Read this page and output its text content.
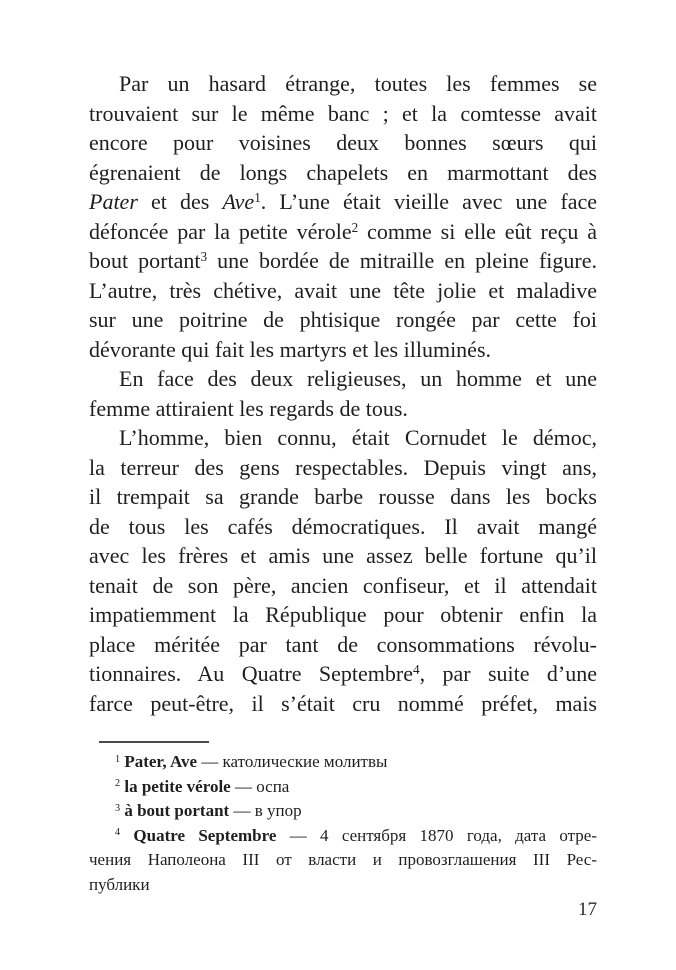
Par un hasard étrange, toutes les femmes se
trouvaient sur le même banc ; et la comtesse avait
encore pour voisines deux bonnes sœurs qui
égrenaient de longs chapelets en marmottant des
Pater et des Ave$^1$. L’une était vieille avec une face
défoncée par la petite vérole$^2$ comme si elle eût reçu à
bout portant$^3$ une bordée de mitraille en pleine figure.
L’autre, très chétive, avait une tête jolie et maladive
sur une poitrine de phtisique rongée par cette foi
dévorante qui fait les martyrs et les illuminés.
En face des deux religieuses, un homme et une
femme attiraient les regards de tous.
L’homme, bien connu, était Cornudet le démoc,
la terreur des gens respectables. Depuis vingt ans,
il trempait sa grande barbe rousse dans les bocks
de tous les cafés démocratiques. Il avait mangé
avec les frères et amis une assez belle fortune qu’il
tenait de son père, ancien confiseur, et il attendait
impatiemment la République pour obtenir enfin la
place méritée par tant de consommations révolu-
tionnaires. Au Quatre Septembre$^4$, par suite d’une
farce peut-être, il s’était cru nommé préfet, mais
$^1$ Pater, Ave — католические молитвы
$^2$ la petite vérole — оспа
$^3$ à bout portant — в упор
$^4$ Quatre Septembre — 4 сентября 1870 года, дата отре-
чения Наполеона III от власти и провозглашения III Рес-
публики
17
